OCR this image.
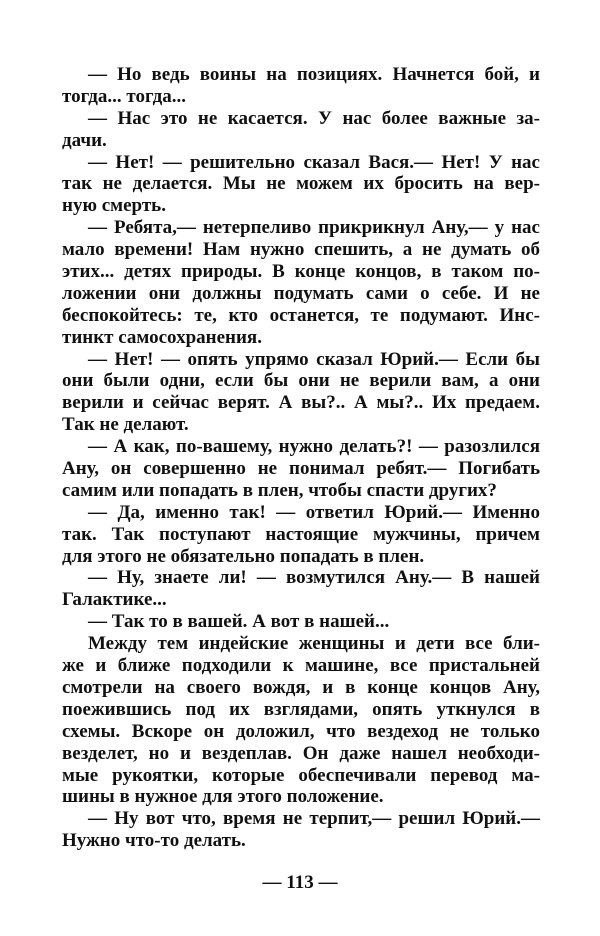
— Но ведь воины на позициях. Начнется бой, и
тогда... тогда...
— Нас это не касается. У нас более важные за-
дачи.
— Нет! — решительно сказал Вася.— Нет! У нас
так не делается. Мы не можем их бросить на вер-
ную смерть.
— Ребята,— нетерпеливо прикрикнул Ану,— у нас
мало времени! Нам нужно спешить, а не думать об
этих... детях природы. В конце концов, в таком по-
ложении они должны подумать сами о себе. И не
беспокойтесь: те, кто останется, те подумают. Инс-
тинкт самосохранения.
— Нет! — опять упрямо сказал Юрий.— Если бы
они были одни, если бы они не верили вам, а они
верили и сейчас верят. А вы?.. А мы?.. Их предаем.
Так не делают.
— А как, по-вашему, нужно делать?! — разозлился
Ану, он совершенно не понимал ребят.— Погибать
самим или попадать в плен, чтобы спасти других?
— Да, именно так! — ответил Юрий.— Именно
так. Так поступают настоящие мужчины, причем
для этого не обязательно попадать в плен.
— Ну, знаете ли! — возмутился Ану.— В нашей
Галактике...
— Так то в вашей. А вот в нашей...
Между тем индейские женщины и дети все бли-
же и ближе подходили к машине, все пристальней
смотрели на своего вождя, и в конце концов Ану,
поежившись под их взглядами, опять уткнулся в
схемы. Вскоре он доложил, что вездеход не только
везделет, но и вездеплав. Он даже нашел необходи-
мые рукоятки, которые обеспечивали перевод ма-
шины в нужное для этого положение.
— Ну вот что, время не терпит,— решил Юрий.—
Нужно что-то делать.
— 113 —
